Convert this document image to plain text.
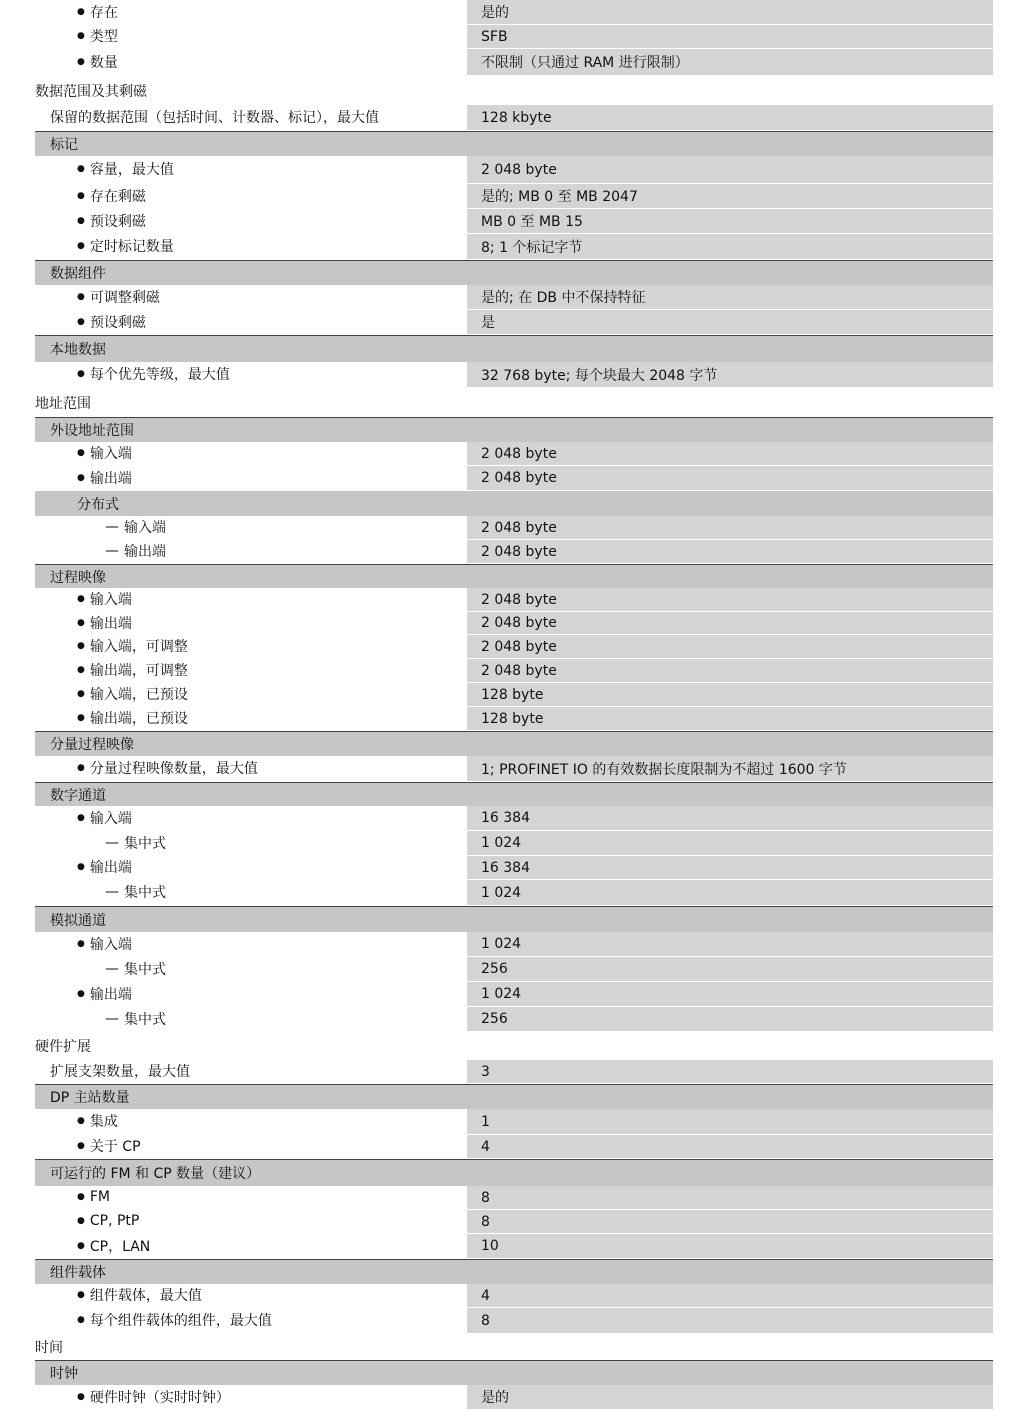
● 存在	是的
● 类型	SFB
● 数量	不限制（只通过 RAM 进行限制）
数据范围及其剩磁
保留的数据范围（包括时间、计数器、标记），最大值	128 kbyte
标记
● 容量，最大值	2 048 byte
● 存在剩磁	是的; MB 0 至 MB 2047
● 预设剩磁	MB 0 至 MB 15
● 定时标记数量	8; 1 个标记字节
数据组件
● 可调整剩磁	是的; 在 DB 中不保持特征
● 预设剩磁	是
本地数据
● 每个优先等级，最大值	32 768 byte; 每个块最大 2048 字节
地址范围
外设地址范围
● 输入端	2 048 byte
● 输出端	2 048 byte
分布式
— 输入端	2 048 byte
— 输出端	2 048 byte
过程映像
● 输入端	2 048 byte
● 输出端	2 048 byte
● 输入端，可调整	2 048 byte
● 输出端，可调整	2 048 byte
● 输入端，已预设	128 byte
● 输出端，已预设	128 byte
分量过程映像
● 分量过程映像数量，最大值	1; PROFINET IO 的有效数据长度限制为不超过 1600 字节
数字通道
● 输入端	16 384
— 集中式	1 024
● 输出端	16 384
— 集中式	1 024
模拟通道
● 输入端	1 024
— 集中式	256
● 输出端	1 024
— 集中式	256
硬件扩展
扩展支架数量，最大值	3
DP 主站数量
● 集成	1
● 关于 CP	4
可运行的 FM 和 CP 数量（建议）
● FM	8
● CP, PtP	8
● CP，LAN	10
组件载体
● 组件载体，最大值	4
● 每个组件载体的组件，最大值	8
时间
时钟
● 硬件时钟（实时时钟）	是的
